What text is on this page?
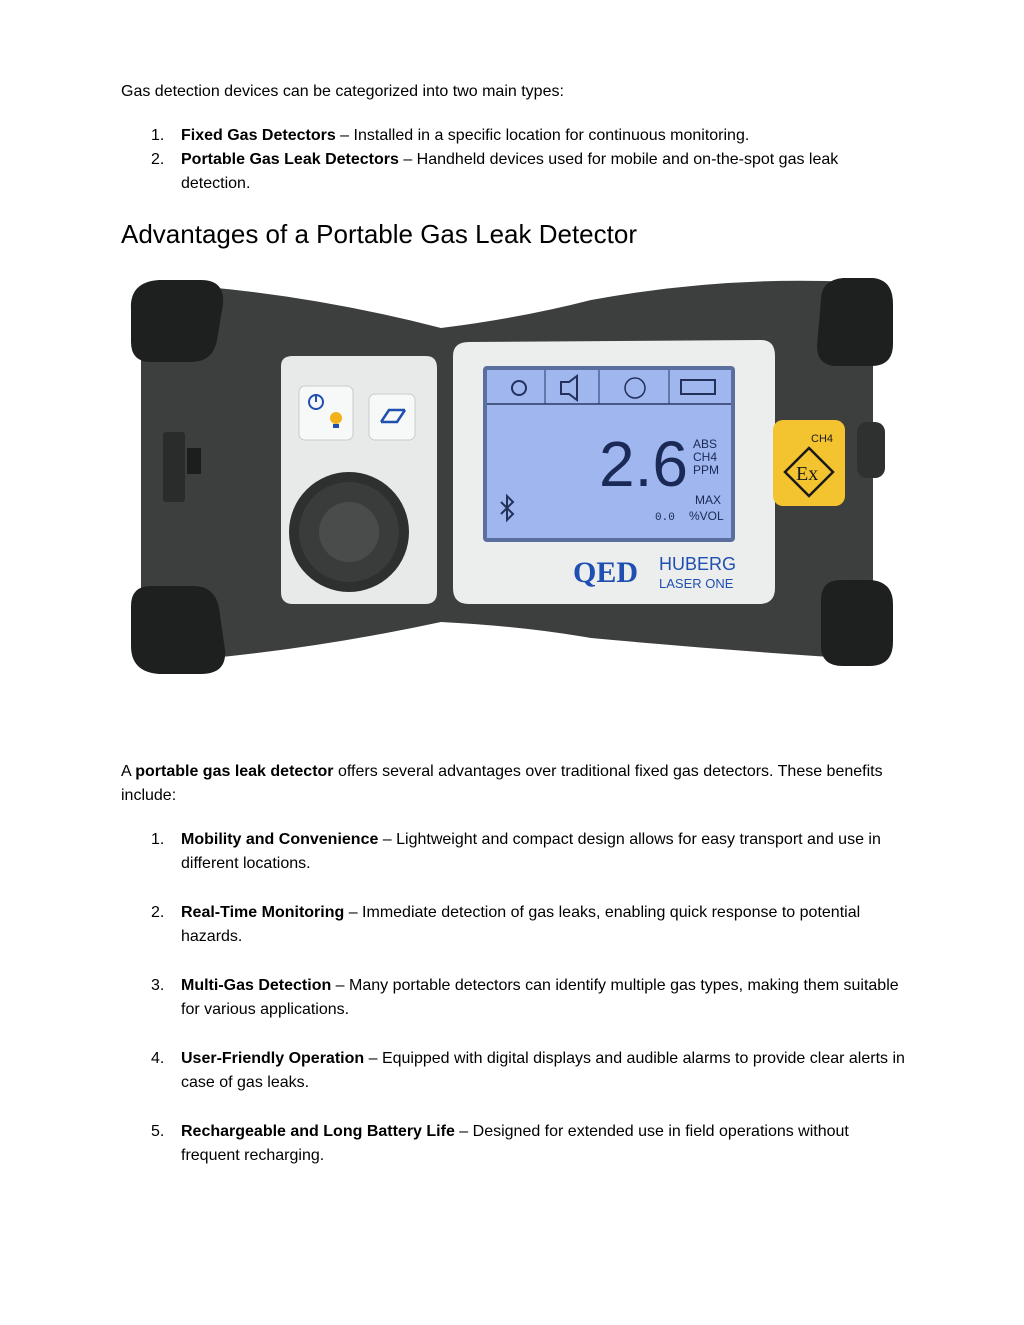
Gas detection devices can be categorized into two main types:

1. Fixed Gas Detectors – Installed in a specific location for continuous monitoring.
2. Portable Gas Leak Detectors – Handheld devices used for mobile and on-the-spot gas leak detection.
Advantages of a Portable Gas Leak Detector
2.6 ABS
CH4
PPM
MAX
0.0 %VOL
QED HUBERG
LASER ONE
CH4
Ex

A portable gas leak detector offers several advantages over traditional fixed gas detectors. These benefits include:

1. Mobility and Convenience – Lightweight and compact design allows for easy transport and use in different locations.
2. Real-Time Monitoring – Immediate detection of gas leaks, enabling quick response to potential hazards.
3. Multi-Gas Detection – Many portable detectors can identify multiple gas types, making them suitable for various applications.
4. User-Friendly Operation – Equipped with digital displays and audible alarms to provide clear alerts in case of gas leaks.
5. Rechargeable and Long Battery Life – Designed for extended use in field operations without frequent recharging.
